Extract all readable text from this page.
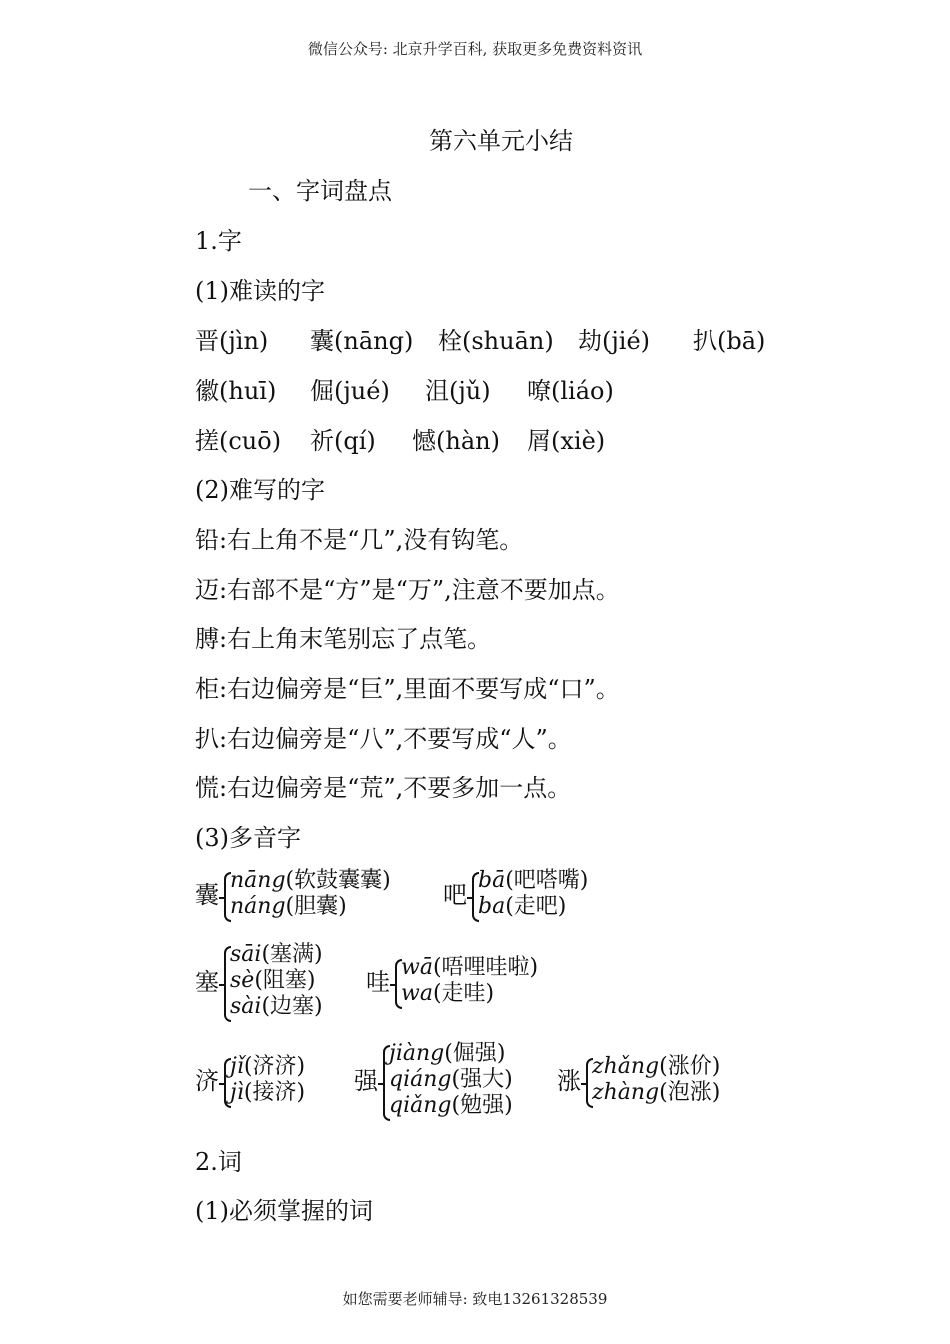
微信公众号: 北京升学百科, 获取更多免费资料资讯
第六单元小结
一、字词盘点
1.字
(1)难读的字
晋(jìn) 囊(nāng) 栓(shuān) 劫(jié) 扒(bā)
徽(huī) 倔(jué) 沮(jǔ) 嘹(liáo)
搓(cuō) 祈(qí) 憾(hàn) 屑(xiè)
(2)难写的字
铅:右上角不是“几”,没有钩笔。
迈:右部不是“方”是“万”,注意不要加点。
膊:右上角末笔别忘了点笔。
柜:右边偏旁是“巨”,里面不要写成“口”。
扒:右边偏旁是“八”,不要写成“人”。
慌:右边偏旁是“荒”,不要多加一点。
(3)多音字
囊
nāng(软鼓囊囊)
náng(胆囊)	吧
bā(吧嗒嘴)
ba(走吧)
塞
sāi(塞满)
sè(阻塞)
sài(边塞)
哇
wā(唔哩哇啦)
wa(走哇)
济
jǐ(济济)
jì(接济) 强
jiàng(倔强)
qiáng(强大)
qiǎng(勉强)
涨
zhǎng(涨价)
zhàng(泡涨)
2.词
(1)必须掌握的词
如您需要老师辅导: 致电13261328539
